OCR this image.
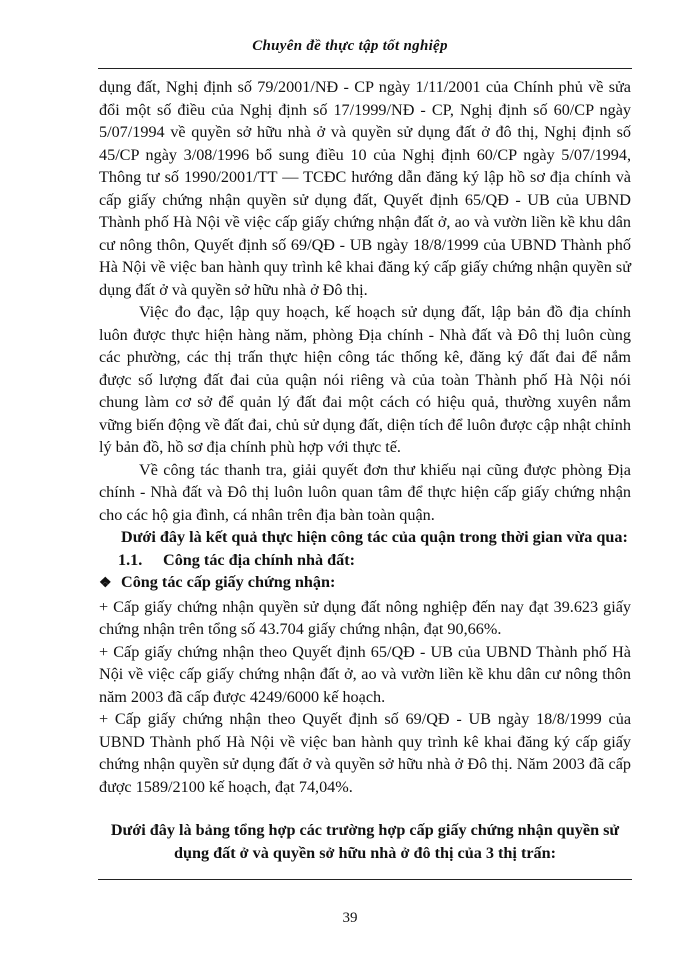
Chuyên đề thực tập tốt nghiệp

dụng đất, Nghị định số 79/2001/NĐ - CP ngày 1/11/2001 của Chính phủ về sửa đổi một số điều của Nghị định số 17/1999/NĐ - CP, Nghị định số 60/CP ngày 5/07/1994 về quyền sở hữu nhà ở và quyền sử dụng đất ở đô thị, Nghị định số 45/CP ngày 3/08/1996 bổ sung điều 10 của Nghị định 60/CP ngày 5/07/1994, Thông tư số 1990/2001/TT — TCĐC hướng dẫn đăng ký lập hồ sơ địa chính và cấp giấy chứng nhận quyền sử dụng đất, Quyết định 65/QĐ - UB của UBND Thành phố Hà Nội về việc cấp giấy chứng nhận đất ở, ao và vườn liền kề khu dân cư nông thôn, Quyết định số 69/QĐ - UB ngày 18/8/1999 của UBND Thành phố Hà Nội về việc ban hành quy trình kê khai đăng ký cấp giấy chứng nhận quyền sử dụng đất ở và quyền sở hữu nhà ở Đô thị.

Việc đo đạc, lập quy hoạch, kế hoạch sử dụng đất, lập bản đồ địa chính luôn được thực hiện hàng năm, phòng Địa chính - Nhà đất và Đô thị luôn cùng các phường, các thị trấn thực hiện công tác thống kê, đăng ký đất đai để nắm được số lượng đất đai của quận nói riêng và của toàn Thành phố Hà Nội nói chung làm cơ sở để quản lý đất đai một cách có hiệu quả, thường xuyên nắm vững biến động về đất đai, chủ sử dụng đất, diện tích để luôn được cập nhật chỉnh lý bản đồ, hồ sơ địa chính phù hợp với thực tế.

Về công tác thanh tra, giải quyết đơn thư khiếu nại cũng được phòng Địa chính - Nhà đất và Đô thị luôn luôn quan tâm để thực hiện cấp giấy chứng nhận cho các hộ gia đình, cá nhân trên địa bàn toàn quận.

Dưới đây là kết quả thực hiện công tác của quận trong thời gian vừa qua:

1.1. Công tác địa chính nhà đất:

❖ Công tác cấp giấy chứng nhận:

+ Cấp giấy chứng nhận quyền sử dụng đất nông nghiệp đến nay đạt 39.623 giấy chứng nhận trên tổng số 43.704 giấy chứng nhận, đạt 90,66%.

+ Cấp giấy chứng nhận theo Quyết định 65/QĐ - UB của UBND Thành phố Hà Nội về việc cấp giấy chứng nhận đất ở, ao và vườn liền kề khu dân cư nông thôn năm 2003 đã cấp được 4249/6000 kế hoạch.

+ Cấp giấy chứng nhận theo Quyết định số 69/QĐ - UB ngày 18/8/1999 của UBND Thành phố Hà Nội về việc ban hành quy trình kê khai đăng ký cấp giấy chứng nhận quyền sử dụng đất ở và quyền sở hữu nhà ở Đô thị. Năm 2003 đã cấp được 1589/2100 kế hoạch, đạt 74,04%.

Dưới đây là bảng tổng hợp các trường hợp cấp giấy chứng nhận quyền sử dụng đất ở và quyền sở hữu nhà ở đô thị của 3 thị trấn:

39
